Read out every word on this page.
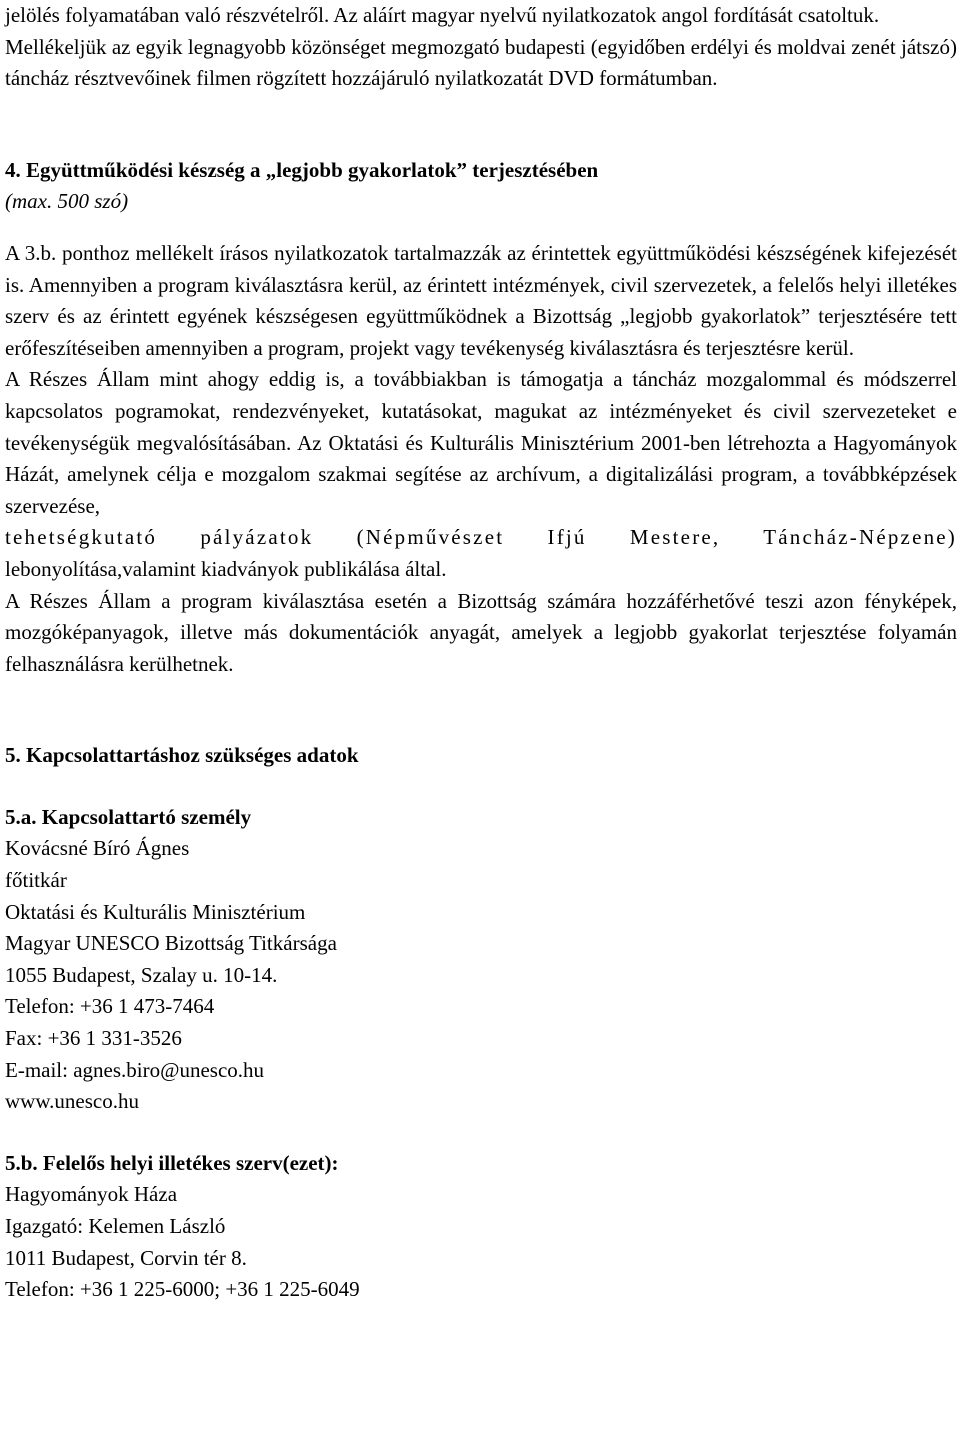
jelölés folyamatában való részvételről. Az aláírt magyar nyelvű nyilatkozatok angol fordítását csatoltuk.

Mellékeljük az egyik legnagyobb közönséget megmozgató budapesti (egyidőben erdélyi és moldvai zenét játszó) táncház résztvevőinek filmen rögzített hozzájáruló nyilatkozatát DVD formátumban.

4. Együttműködési készség a „legjobb gyakorlatok” terjesztésében

(max. 500 szó)

A 3.b. ponthoz mellékelt írásos nyilatkozatok tartalmazzák az érintettek együttműködési készségének kifejezését is. Amennyiben a program kiválasztásra kerül, az érintett intézmények, civil szervezetek, a felelős helyi illetékes szerv és az érintett egyének készségesen együttműködnek a Bizottság „legjobb gyakorlatok” terjesztésére tett erőfeszítéseiben amennyiben a program, projekt vagy tevékenység kiválasztásra és terjesztésre kerül.

A Részes Állam mint ahogy eddig is, a továbbiakban is támogatja a táncház mozgalommal és módszerrel kapcsolatos pogramokat, rendezvényeket, kutatásokat, magukat az intézményeket és civil szervezeteket e tevékenységük megvalósításában. Az Oktatási és Kulturális Minisztérium 2001-ben létrehozta a Hagyományok Házát, amelynek célja e mozgalom szakmai segítése az archívum, a digitalizálási program, a továbbképzések szervezése,

tehetségkutató pályázatok (Népművészet Ifjú Mestere, Táncház-Népzene)

lebonyolítása,valamint kiadványok publikálása által.

A Részes Állam a program kiválasztása esetén a Bizottság számára hozzáférhetővé teszi azon fényképek, mozgóképanyagok, illetve más dokumentációk anyagát, amelyek a legjobb gyakorlat terjesztése folyamán felhasználásra kerülhetnek.

5. Kapcsolattartáshoz szükséges adatok

5.a. Kapcsolattartó személy

Kovácsné Bíró Ágnes
főtitkár
Oktatási és Kulturális Minisztérium
Magyar UNESCO Bizottság Titkársága
1055 Budapest, Szalay u. 10-14.
Telefon: +36 1 473-7464
Fax: +36 1 331-3526
E-mail: agnes.biro@unesco.hu
www.unesco.hu

5.b. Felelős helyi illetékes szerv(ezet):

Hagyományok Háza
Igazgató: Kelemen László
1011 Budapest, Corvin tér 8.
Telefon: +36 1 225-6000; +36 1 225-6049
